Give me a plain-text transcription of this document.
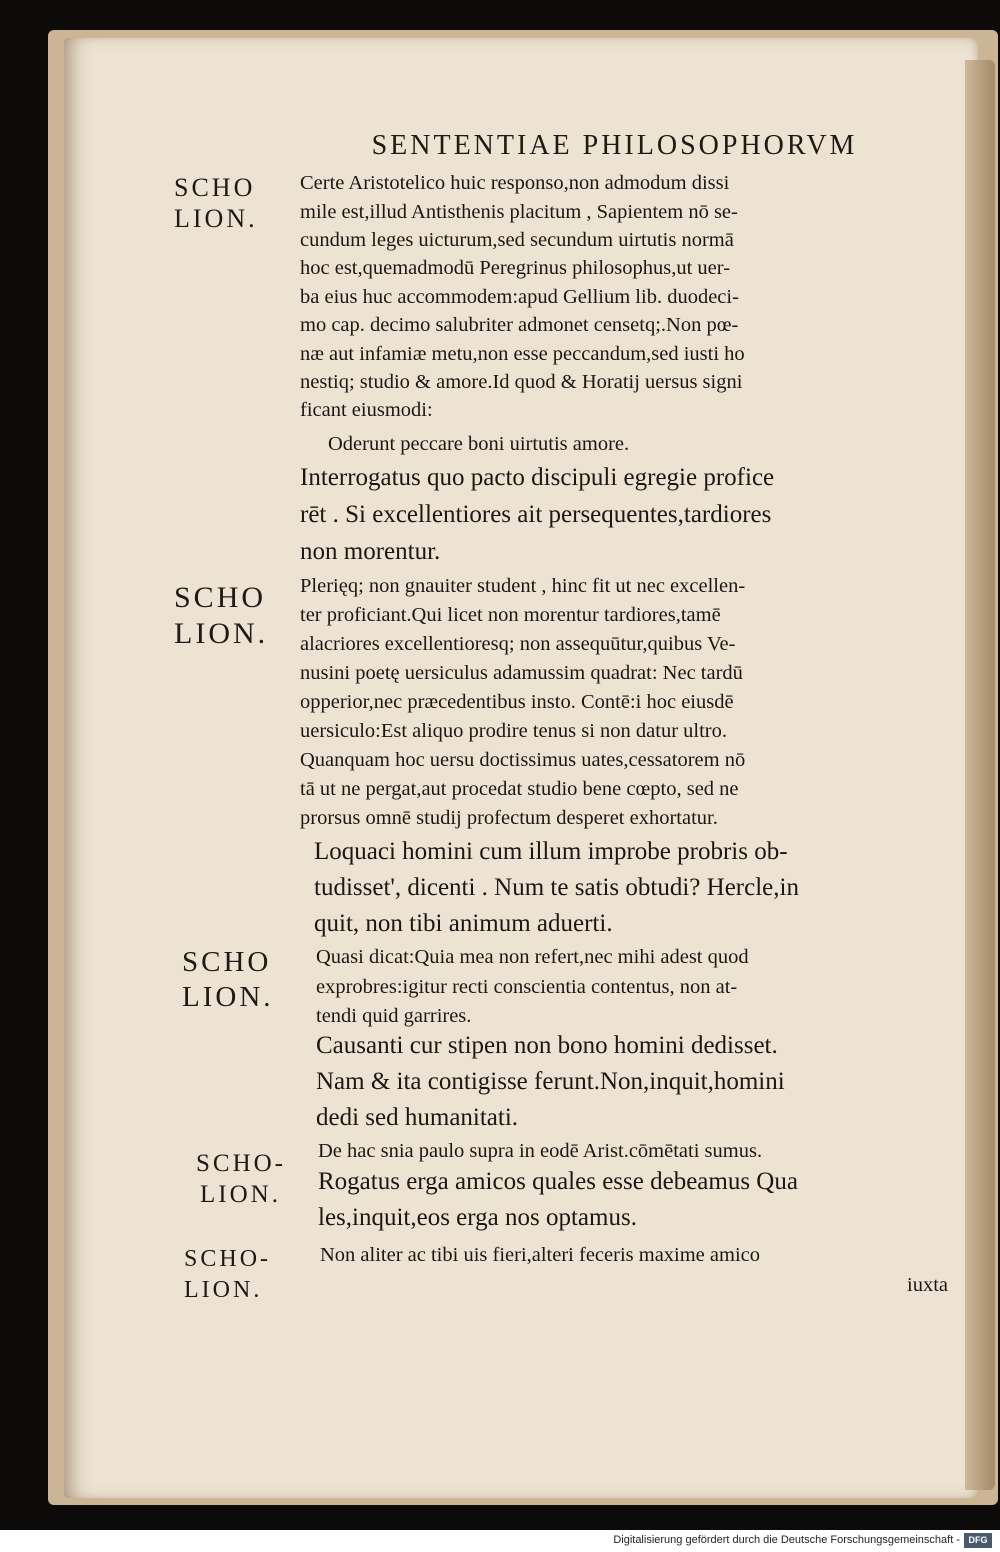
SENTENTIAE PHILOSOPHORVM
SCHO
LION.
SCHO
LION.
SCHO
LION.
SCHO-
LION.
SCHO-
LION.
Certe Aristotelico huic responso,non admodum dissi
mile est,illud Antisthenis placitum , Sapientem nō se-
cundum leges uicturum,sed secundum uirtutis normā
hoc est,quemadmodū Peregrinus philosophus,ut uer-
ba eius huc accommodem:apud Gellium lib. duodeci-
mo cap. decimo salubriter admonet censetq;.Non pœ-
næ aut infamiæ metu,non esse peccandum,sed iusti ho
nestiq; studio & amore.Id quod & Horatij uersus signi
ficant eiusmodi:
Oderunt peccare boni uirtutis amore.
Interrogatus quo pacto discipuli egregie profice
rēt . Si excellentiores ait persequentes,tardiores
non morentur.
Plerięq; non gnauiter student , hinc fit ut nec excellen-
ter proficiant.Qui licet non morentur tardiores,tamē
alacriores excellentioresq; non assequūtur,quibus Ve-
nusini poetę uersiculus adamussim quadrat: Nec tardū
opperior,nec præcedentibus insto. Contē:i hoc eiusdē
uersiculo:Est aliquo prodire tenus si non datur ultro.
Quanquam hoc uersu doctissimus uates,cessatorem nō
tā ut ne pergat,aut procedat studio bene cœpto, sed ne
prorsus omnē studij profectum desperet exhortatur.
Loquaci homini cum illum improbe probris ob-
tudisset', dicenti . Num te satis obtudi? Hercle,in
quit, non tibi animum aduerti.
Quasi dicat:Quia mea non refert,nec mihi adest quod
exprobres:igitur recti conscientia contentus, non at-
tendi quid garrires.
Causanti cur stipen non bono homini dedisset.
Nam & ita contigisse ferunt.Non,inquit,homini
dedi sed humanitati.
De hac snia paulo supra in eodē Arist.cōmētati sumus.
Rogatus erga amicos quales esse debeamus Qua
les,inquit,eos erga nos optamus.
Non aliter ac tibi uis fieri,alteri feceris maxime amico
iuxta
Digitalisierung gefördert durch die Deutsche Forschungsgemeinschaft - DFG
